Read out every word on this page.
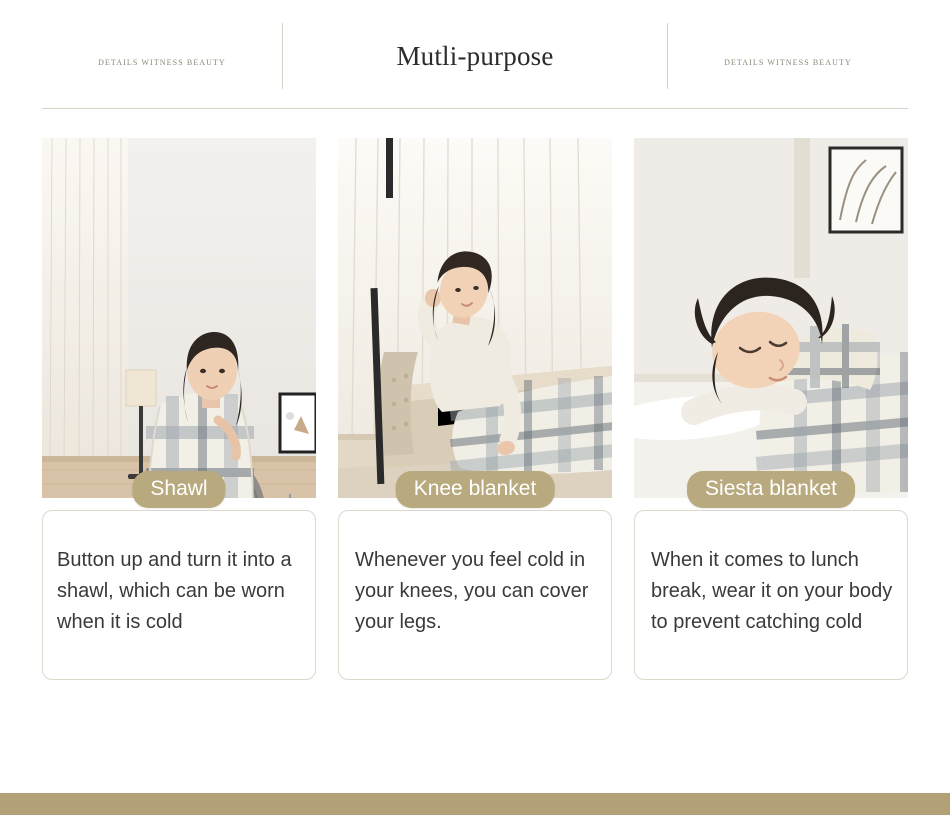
DETAILS WITNESS BEAUTY	Mutli-purpose	DETAILS WITNESS BEAUTY
Shawl
Button up and turn it into a shawl, which can be worn when it is cold
Knee blanket
Whenever you feel cold in your knees, you can cover your legs.
Siesta blanket
When it comes to lunch break, wear it on your body to prevent catching cold
